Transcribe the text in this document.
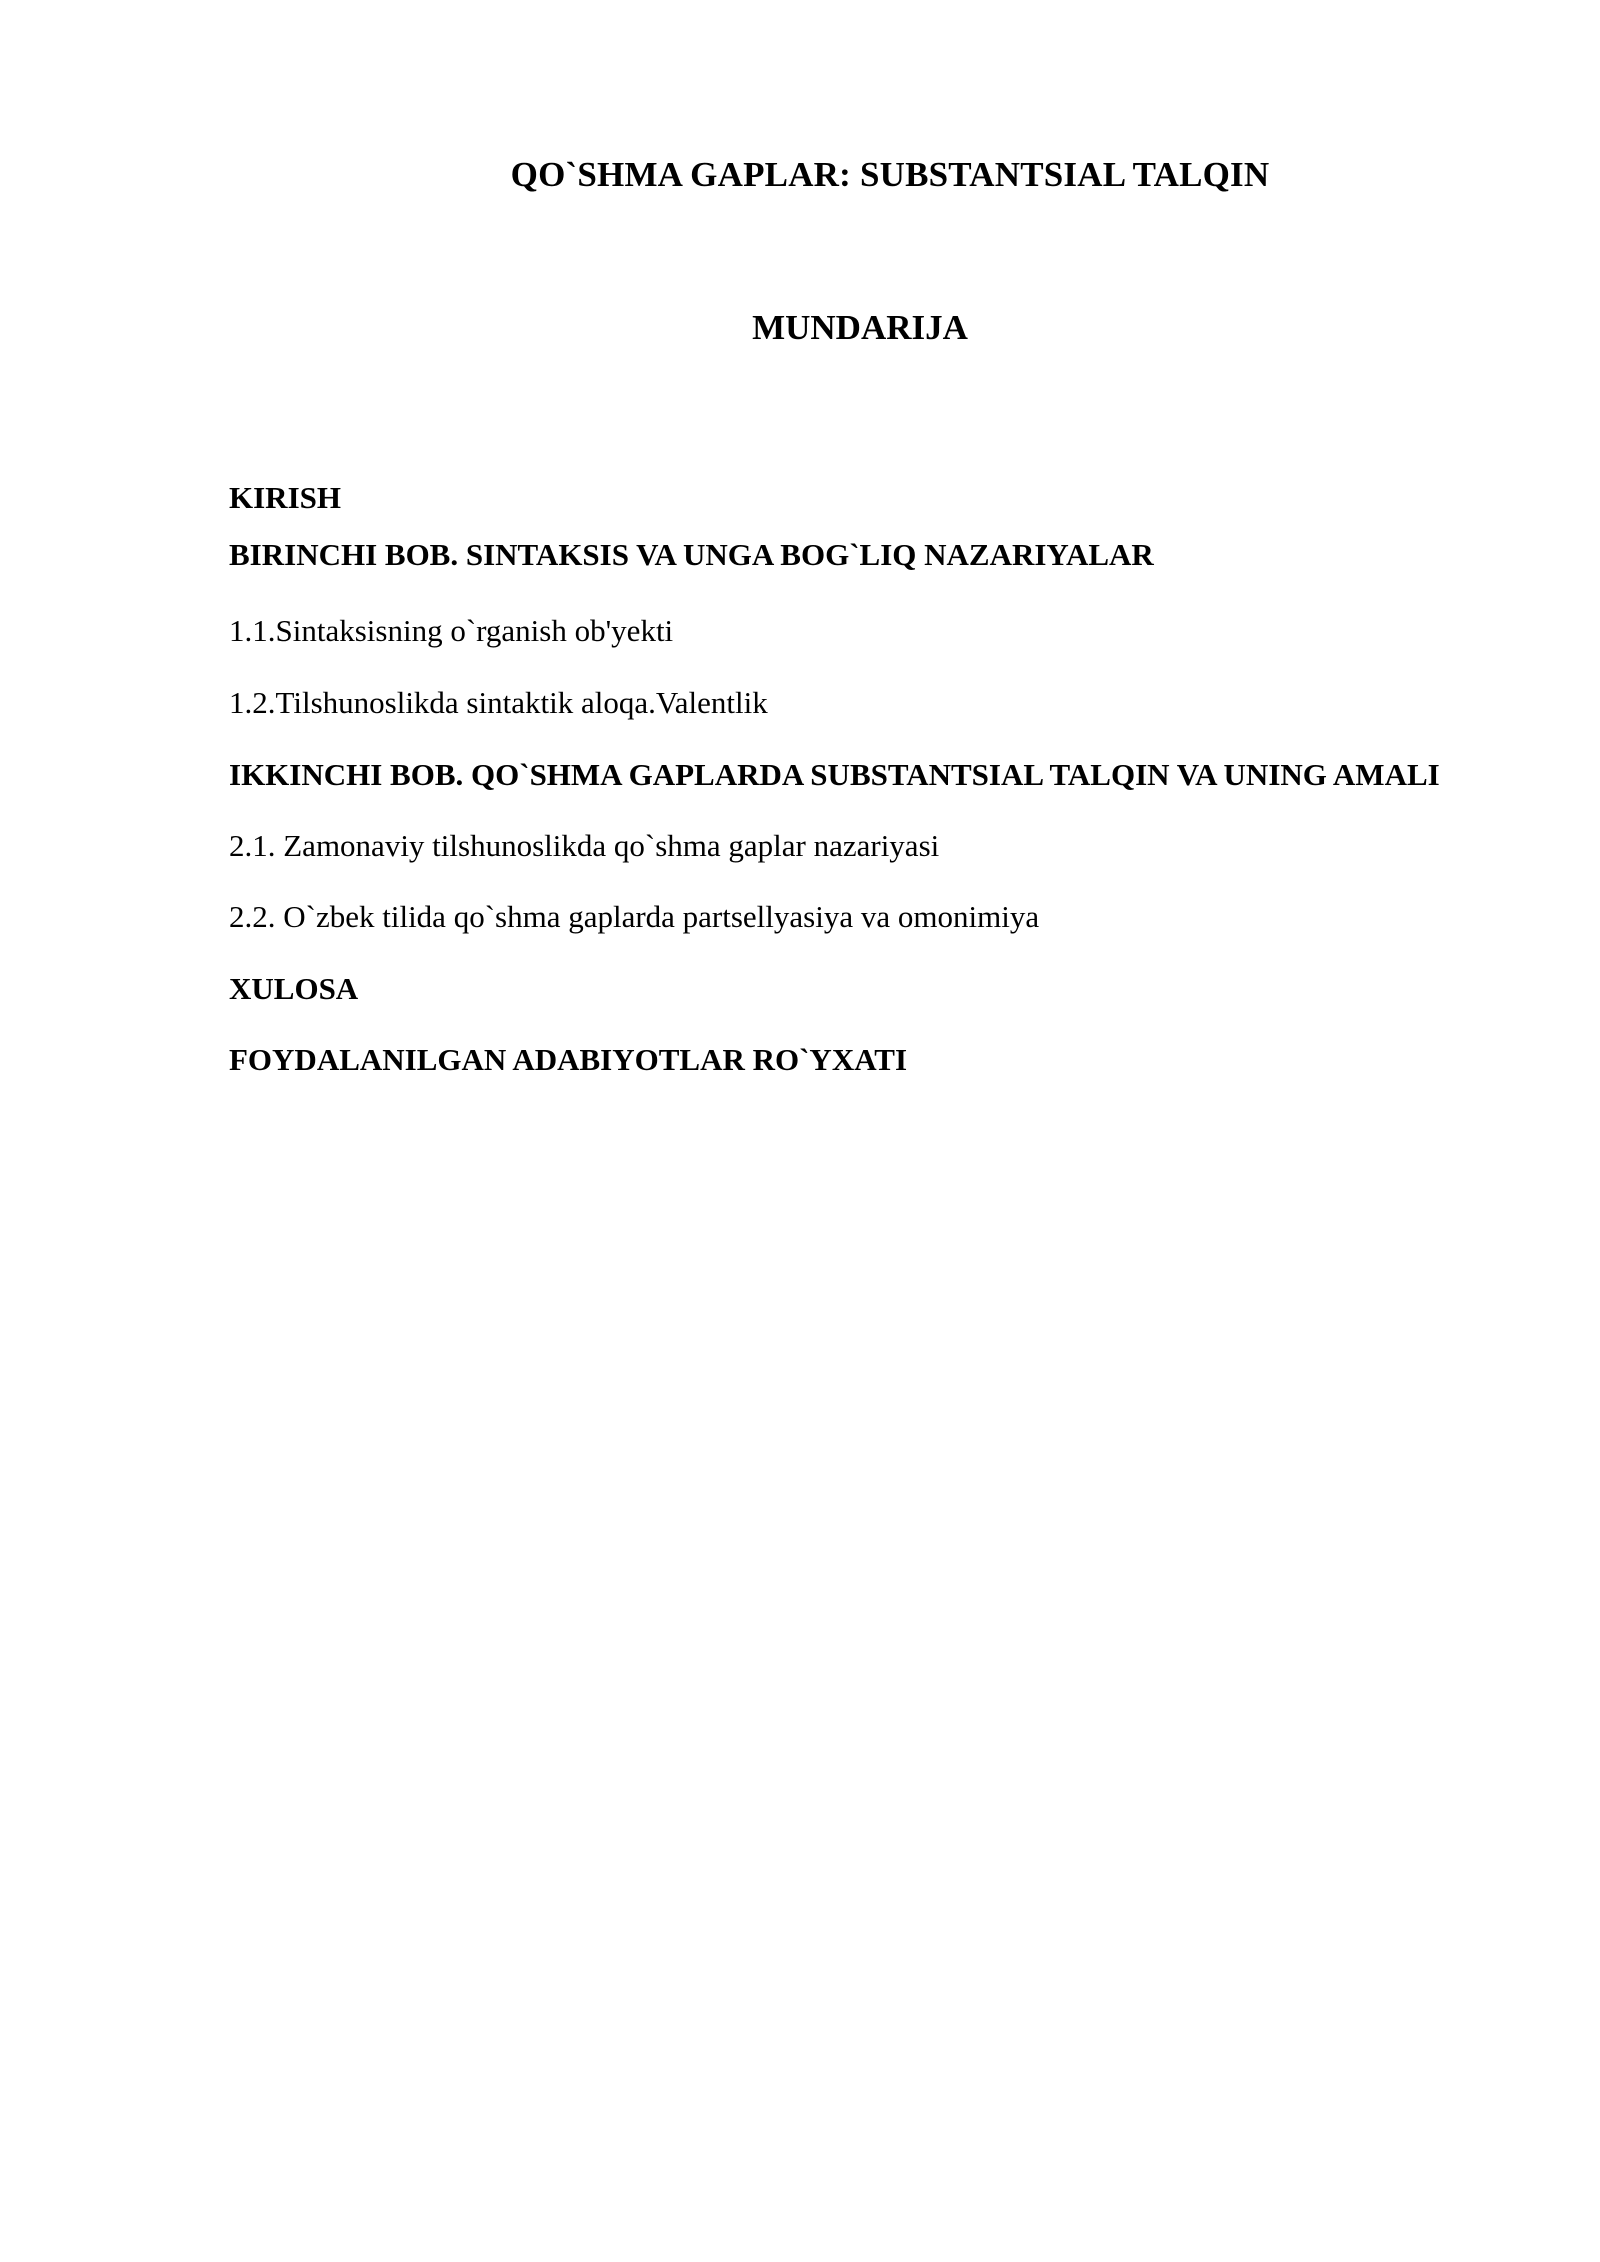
QO`SHMA GAPLAR: SUBSTANTSIAL TALQIN
MUNDARIJA
KIRISH
BIRINCHI BOB. SINTAKSIS VA UNGA BOG`LIQ NAZARIYALAR
1.1.Sintaksisning o`rganish ob'yekti
1.2.Tilshunoslikda sintaktik aloqa.Valentlik
IKKINCHI BOB. QO`SHMA GAPLARDA SUBSTANTSIAL TALQIN VA UNING AMALI
2.1. Zamonaviy tilshunoslikda qo`shma gaplar nazariyasi
2.2. O`zbek tilida qo`shma gaplarda partsellyasiya va omonimiya
XULOSA
FOYDALANILGAN ADABIYOTLAR RO`YXATI
